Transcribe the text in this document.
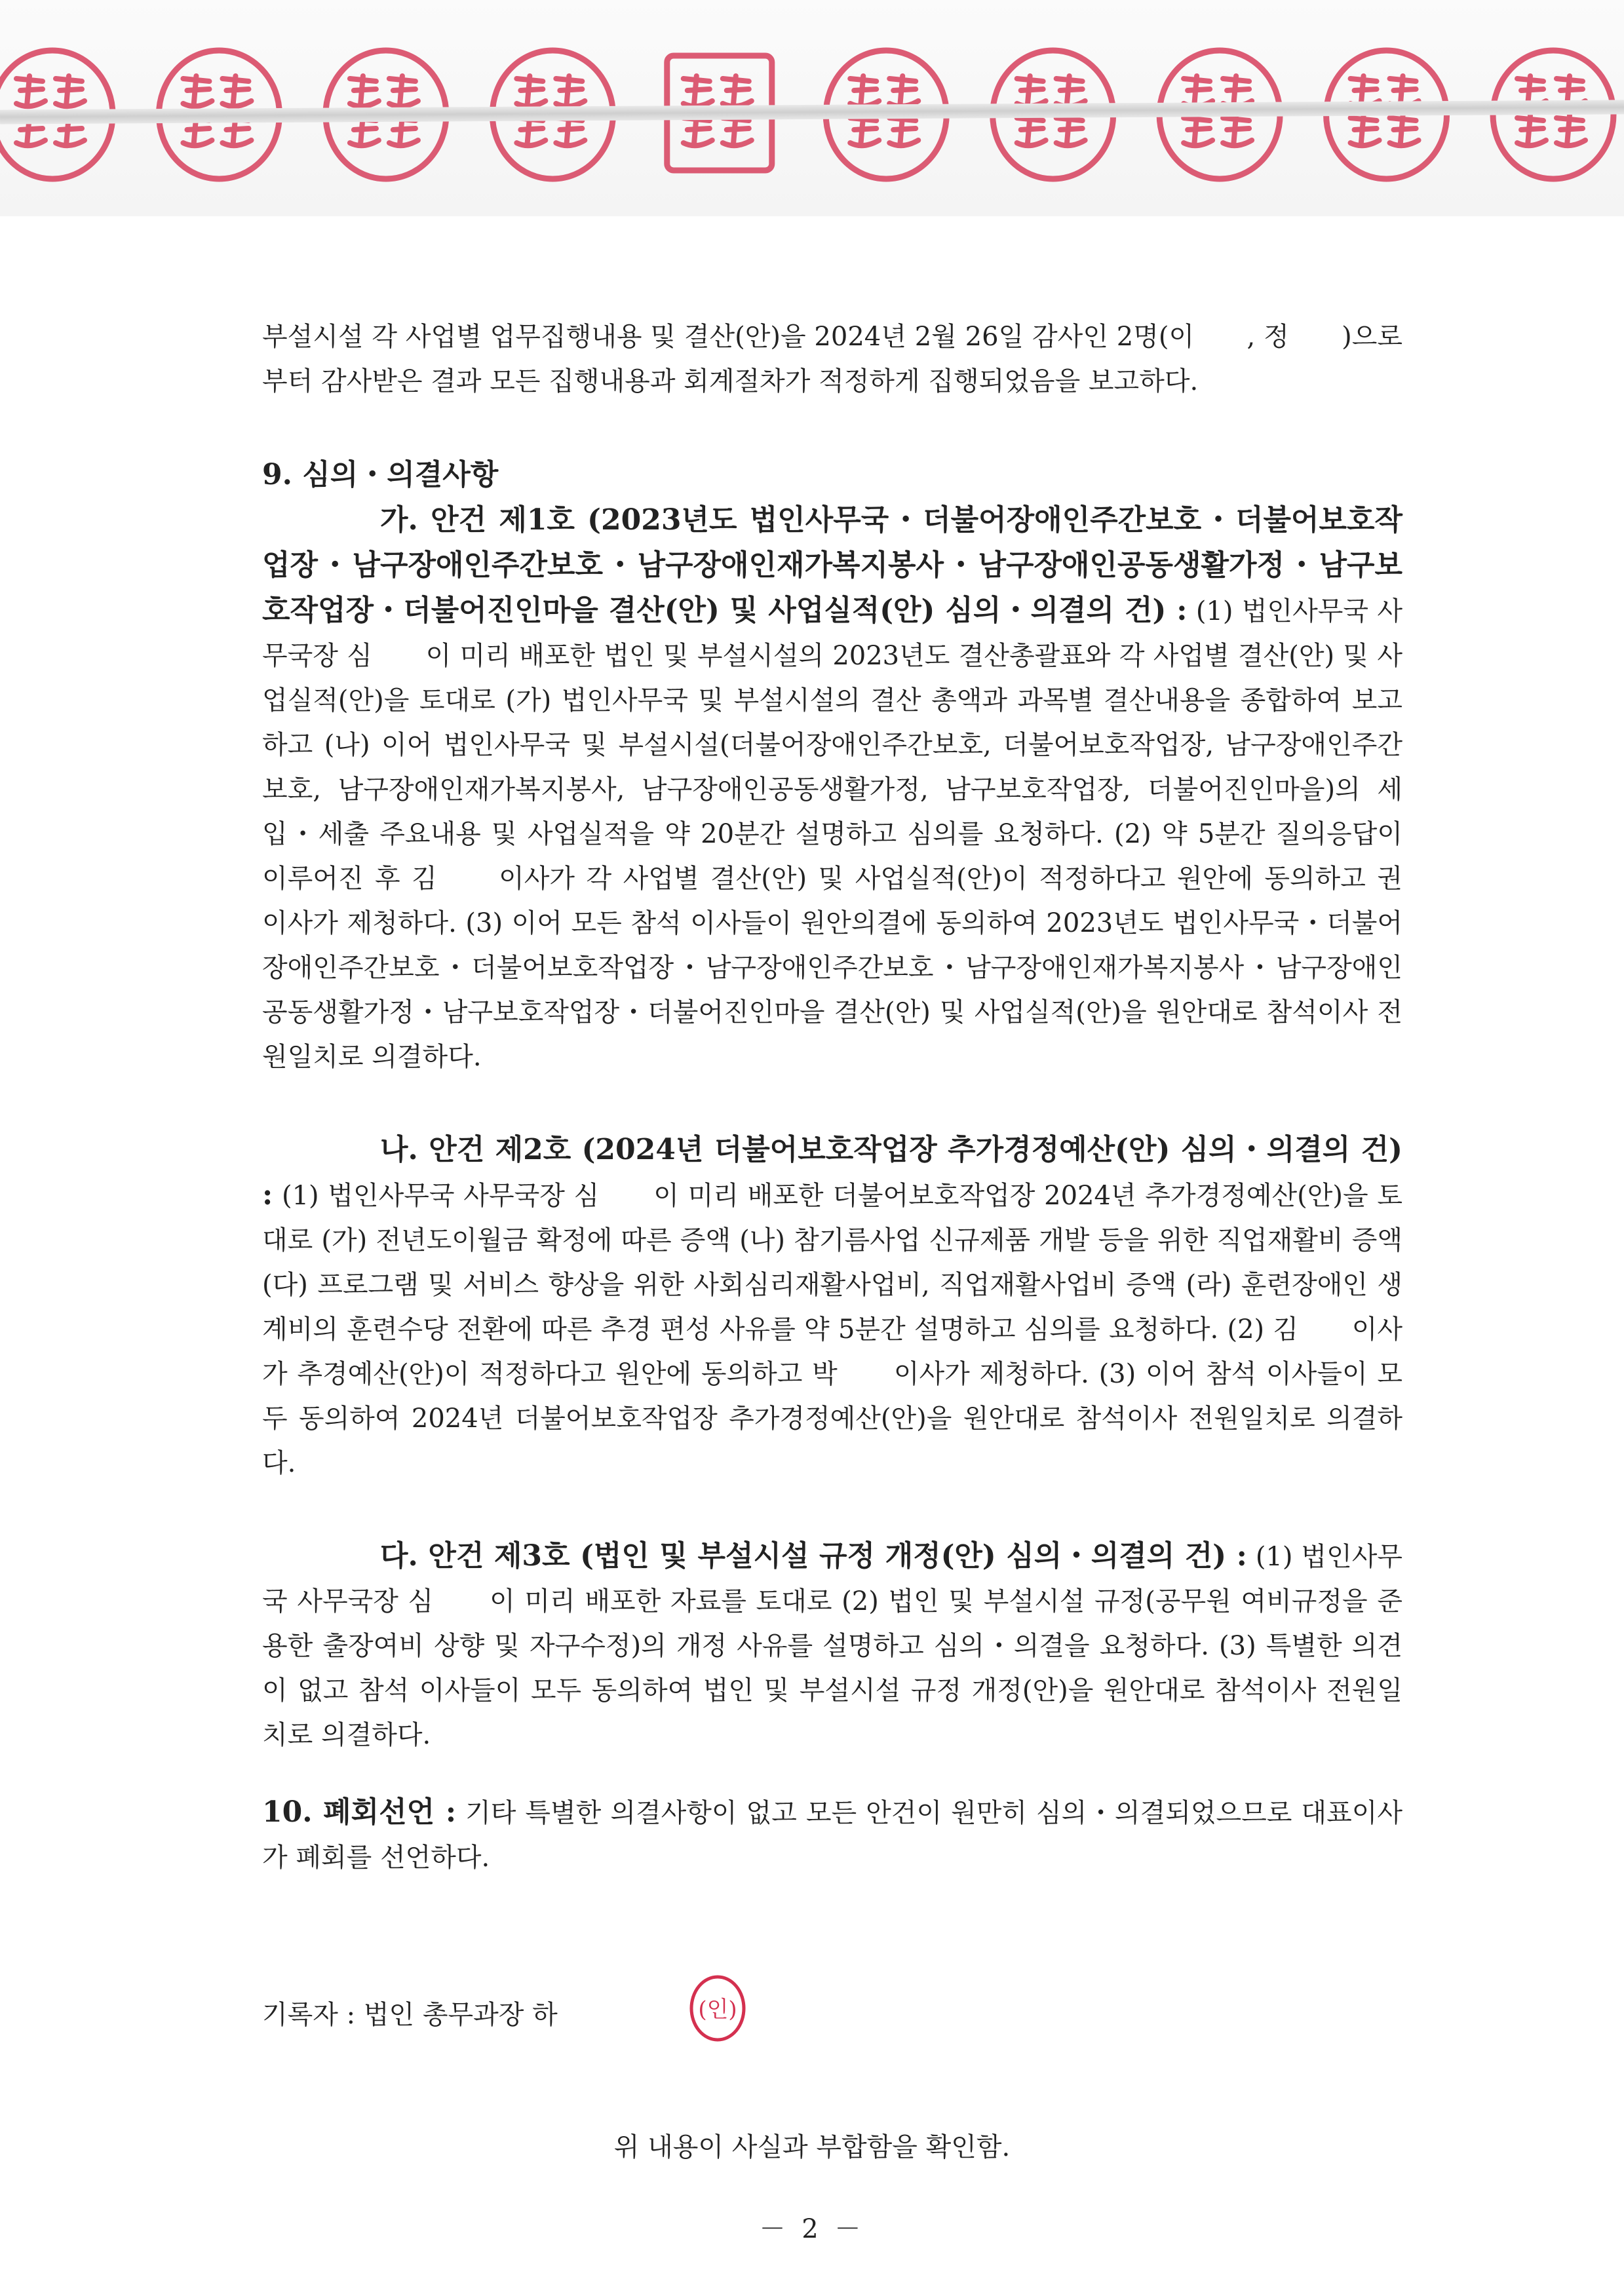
부설시설 각 사업별 업무집행내용 및 결산(안)을 2024년 2월 26일 감사인 2명(이　　, 정　　)으로부터 감사받은 결과 모든 집행내용과 회계절차가 적정하게 집행되었음을 보고하다.

9. 심의・의결사항

가. 안건 제1호 (2023년도 법인사무국・더불어장애인주간보호・더불어보호작업장・남구장애인주간보호・남구장애인재가복지봉사・남구장애인공동생활가정・남구보호작업장・더불어진인마을 결산(안) 및 사업실적(안) 심의・의결의 건) : (1) 법인사무국 사무국장 심　　이 미리 배포한 법인 및 부설시설의 2023년도 결산총괄표와 각 사업별 결산(안) 및 사업실적(안)을 토대로 (가) 법인사무국 및 부설시설의 결산 총액과 과목별 결산내용을 종합하여 보고하고 (나) 이어 법인사무국 및 부설시설(더불어장애인주간보호, 더불어보호작업장, 남구장애인주간보호, 남구장애인재가복지봉사, 남구장애인공동생활가정, 남구보호작업장, 더불어진인마을)의 세입・세출 주요내용 및 사업실적을 약 20분간 설명하고 심의를 요청하다. (2) 약 5분간 질의응답이 이루어진 후 김　　이사가 각 사업별 결산(안) 및 사업실적(안)이 적정하다고 원안에 동의하고 권　　이사가 제청하다. (3) 이어 모든 참석 이사들이 원안의결에 동의하여 2023년도 법인사무국・더불어장애인주간보호・더불어보호작업장・남구장애인주간보호・남구장애인재가복지봉사・남구장애인공동생활가정・남구보호작업장・더불어진인마을 결산(안) 및 사업실적(안)을 원안대로 참석이사 전원일치로 의결하다.

나. 안건 제2호 (2024년 더불어보호작업장 추가경정예산(안) 심의・의결의 건) : (1) 법인사무국 사무국장 심　　이 미리 배포한 더불어보호작업장 2024년 추가경정예산(안)을 토대로 (가) 전년도이월금 확정에 따른 증액 (나) 참기름사업 신규제품 개발 등을 위한 직업재활비 증액 (다) 프로그램 및 서비스 향상을 위한 사회심리재활사업비, 직업재활사업비 증액 (라) 훈련장애인 생계비의 훈련수당 전환에 따른 추경 편성 사유를 약 5분간 설명하고 심의를 요청하다. (2) 김　　이사가 추경예산(안)이 적정하다고 원안에 동의하고 박　　이사가 제청하다. (3) 이어 참석 이사들이 모두 동의하여 2024년 더불어보호작업장 추가경정예산(안)을 원안대로 참석이사 전원일치로 의결하다.

다. 안건 제3호 (법인 및 부설시설 규정 개정(안) 심의・의결의 건) : (1) 법인사무국 사무국장 심　　이 미리 배포한 자료를 토대로 (2) 법인 및 부설시설 규정(공무원 여비규정을 준용한 출장여비 상향 및 자구수정)의 개정 사유를 설명하고 심의・의결을 요청하다. (3) 특별한 의견이 없고 참석 이사들이 모두 동의하여 법인 및 부설시설 규정 개정(안)을 원안대로 참석이사 전원일치로 의결하다.

10. 폐회선언 : 기타 특별한 의결사항이 없고 모든 안건이 원만히 심의・의결되었으므로 대표이사가 폐회를 선언하다.

기록자 : 법인 총무과장 하	(인)
위 내용이 사실과 부합함을 확인함.
－ 2 －
